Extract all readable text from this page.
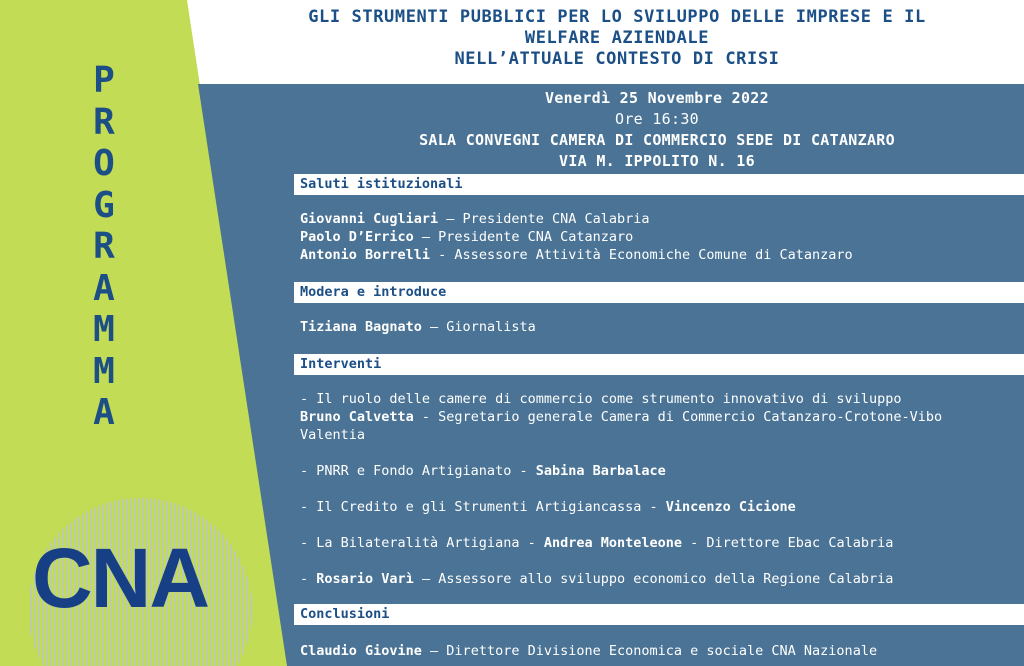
P
R
O
G
R
A
M
M
A
CNA
GLI STRUMENTI PUBBLICI PER LO SVILUPPO DELLE IMPRESE E IL
WELFARE AZIENDALE
NELL’ATTUALE CONTESTO DI CRISI
Venerdì 25 Novembre 2022
Ore 16:30
SALA CONVEGNI CAMERA DI COMMERCIO SEDE DI CATANZARO
VIA M. IPPOLITO N. 16
Saluti istituzionali
Giovanni Cugliari – Presidente CNA Calabria
Paolo D’Errico – Presidente CNA Catanzaro
Antonio Borrelli - Assessore Attività Economiche Comune di Catanzaro
Modera e introduce
Tiziana Bagnato – Giornalista
Interventi
- Il ruolo delle camere di commercio come strumento innovativo di sviluppo
Bruno Calvetta - Segretario generale Camera di Commercio Catanzaro-Crotone-Vibo Valentia
- PNRR e Fondo Artigianato - Sabina Barbalace
- Il Credito e gli Strumenti Artigiancassa - Vincenzo Cicione
- La Bilateralità Artigiana - Andrea Monteleone - Direttore Ebac Calabria
- Rosario Varì – Assessore allo sviluppo economico della Regione Calabria
Conclusioni
Claudio Giovine – Direttore Divisione Economica e sociale CNA Nazionale
